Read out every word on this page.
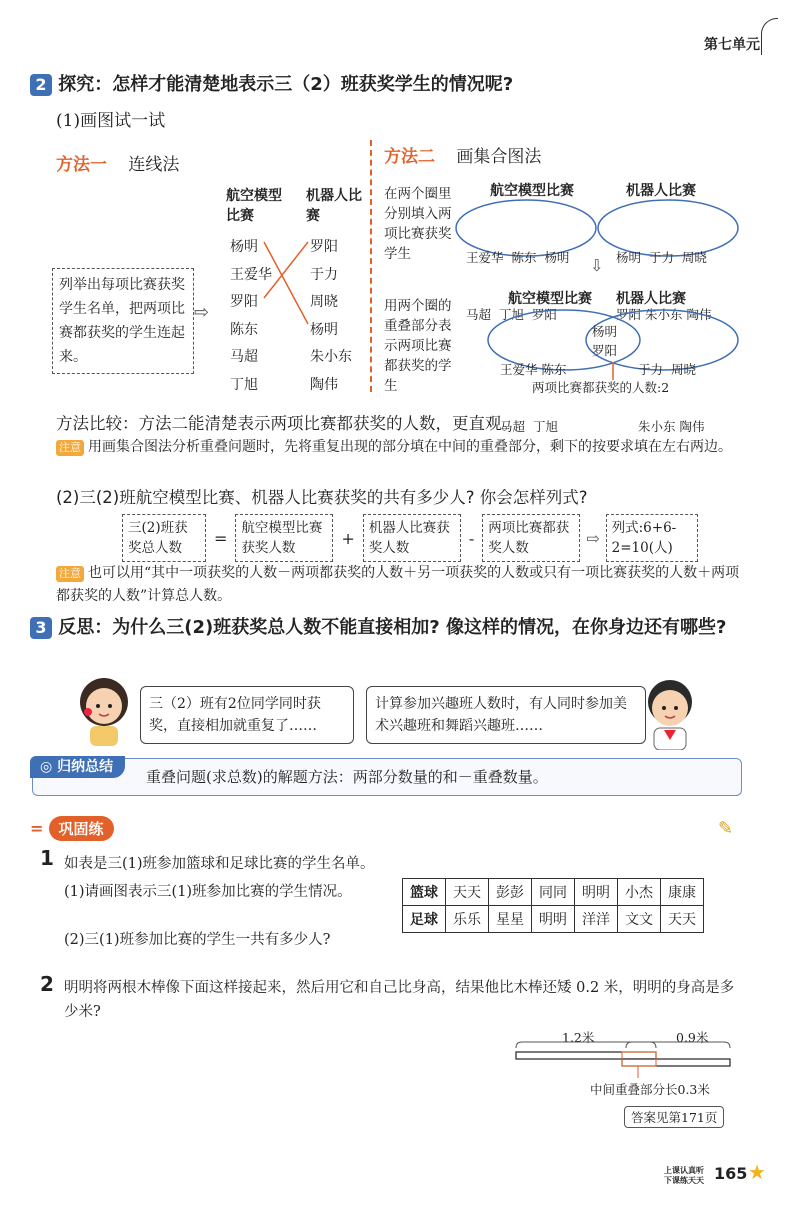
第七单元
2 探究：怎样才能清楚地表示三（2）班获奖学生的情况呢?
(1)画图试一试
方法一 连线法
航空模型比赛
机器人比赛
杨明
王爱华
罗阳
陈东
马超
丁旭
罗阳
于力
周晓
杨明
朱小东
陶伟
列举出每项比赛获奖学生名单，把两项比赛都获奖的学生连起来。
⇨
方法二 画集合图法
在两个圈里分别填入两项比赛获奖学生
用两个圈的重叠部分表示两项比赛都获奖的学生
航空模型比赛	机器人比赛

王爱华  陈东  杨明

马超  丁旭  罗阳

杨明  于力  周晓

罗阳 朱小东 陶伟

⇩
航空模型比赛 机器人比赛

王爱华 陈东

马超  丁旭

杨明
罗阳

于力  周晓

朱小东 陶伟

两项比赛都获奖的人数:2
方法比较：方法二能清楚表示两项比赛都获奖的人数，更直观。
注意 用画集合图法分析重叠问题时，先将重复出现的部分填在中间的重叠部分，剩下的按要求填在左右两边。
(2)三(2)班航空模型比赛、机器人比赛获奖的共有多少人? 你会怎样列式?
三(2)班获奖总人数
=
航空模型比赛获奖人数
+
机器人比赛获奖人数
-
两项比赛都获奖人数
⇨
列式:6+6-2=10(人)
注意 也可以用“其中一项获奖的人数－两项都获奖的人数＋另一项获奖的人数或只有一项比赛获奖的人数＋两项都获奖的人数”计算总人数。
3 反思：为什么三(2)班获奖总人数不能直接相加? 像这样的情况，在你身边还有哪些?
三（2）班有2位同学同时获奖，直接相加就重复了……
计算参加兴趣班人数时，有人同时参加美术兴趣班和舞蹈兴趣班……
◎ 归纳总结
重叠问题(求总数)的解题方法：两部分数量的和－重叠数量。
= 巩固练	✎
1 如表是三(1)班参加篮球和足球比赛的学生名单。
(1)请画图表示三(1)班参加比赛的学生情况。
(2)三(1)班参加比赛的学生一共有多少人?
篮球	天天	彭彭	同同	明明	小杰	康康
足球	乐乐	星星	明明	洋洋	文文	天天
2 明明将两根木棒像下面这样接起来，然后用它和自己比身高，结果他比木棒还矮 0.2 米，明明的身高是多少米?
1.2米	0.9米
中间重叠部分长0.3米
答案见第171页
上课认真听
下课练天天 165 ★
